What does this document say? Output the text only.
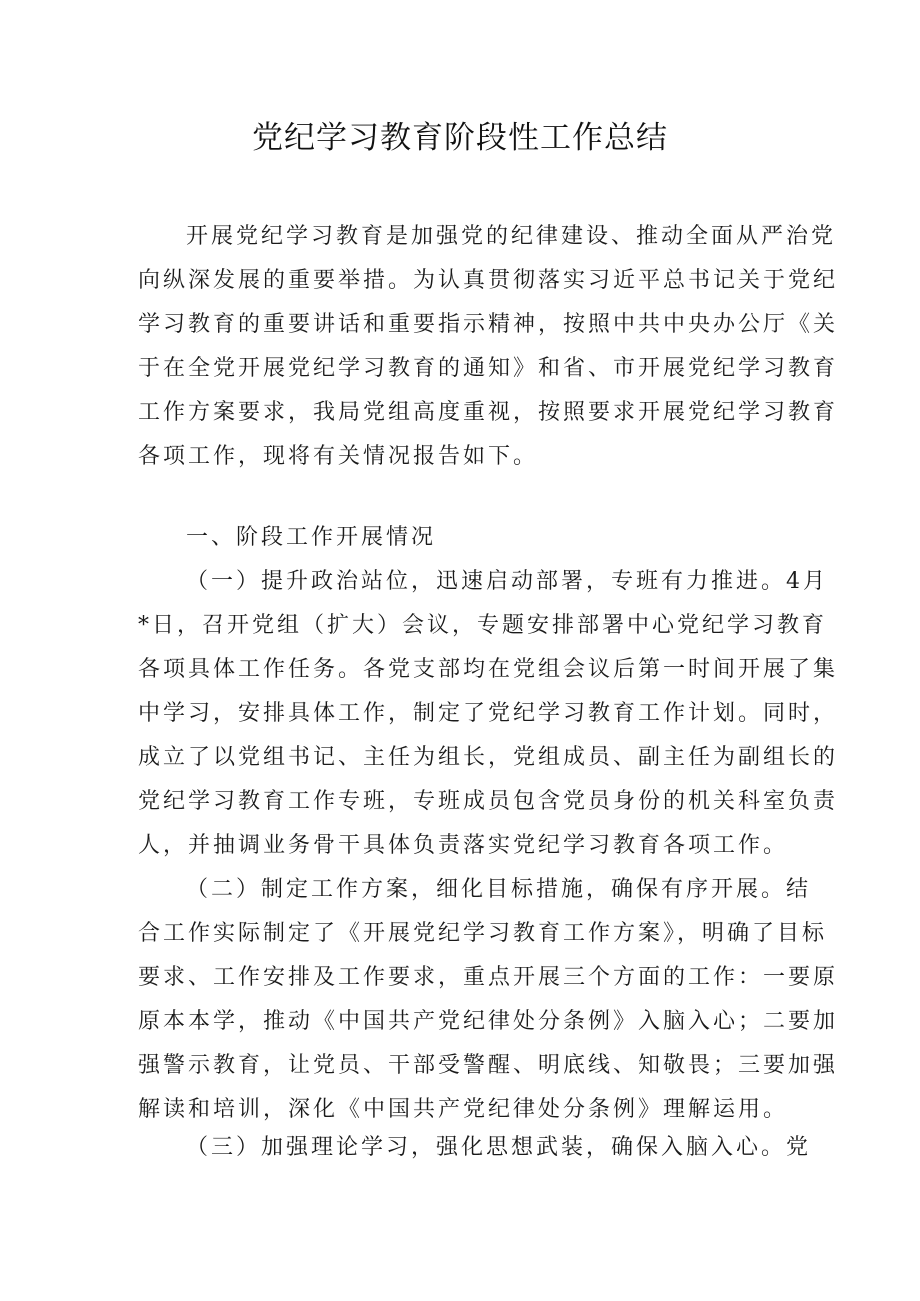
党纪学习教育阶段性工作总结
开展党纪学习教育是加强党的纪律建设、推动全面从严治党
向纵深发展的重要举措。为认真贯彻落实习近平总书记关于党纪
学习教育的重要讲话和重要指示精神，按照中共中央办公厅《关
于在全党开展党纪学习教育的通知》和省、市开展党纪学习教育
工作方案要求，我局党组高度重视，按照要求开展党纪学习教育
各项工作，现将有关情况报告如下。
一、阶段工作开展情况
（一）提升政治站位，迅速启动部署，专班有力推进。4月
*日，召开党组（扩大）会议，专题安排部署中心党纪学习教育
各项具体工作任务。各党支部均在党组会议后第一时间开展了集
中学习，安排具体工作，制定了党纪学习教育工作计划。同时，
成立了以党组书记、主任为组长，党组成员、副主任为副组长的
党纪学习教育工作专班，专班成员包含党员身份的机关科室负责
人，并抽调业务骨干具体负责落实党纪学习教育各项工作。
（二）制定工作方案，细化目标措施，确保有序开展。结
合工作实际制定了《开展党纪学习教育工作方案》，明确了目标
要求、工作安排及工作要求，重点开展三个方面的工作：一要原
原本本学，推动《中国共产党纪律处分条例》入脑入心；二要加
强警示教育，让党员、干部受警醒、明底线、知敬畏；三要加强
解读和培训，深化《中国共产党纪律处分条例》理解运用。
（三）加强理论学习，强化思想武装，确保入脑入心。党
